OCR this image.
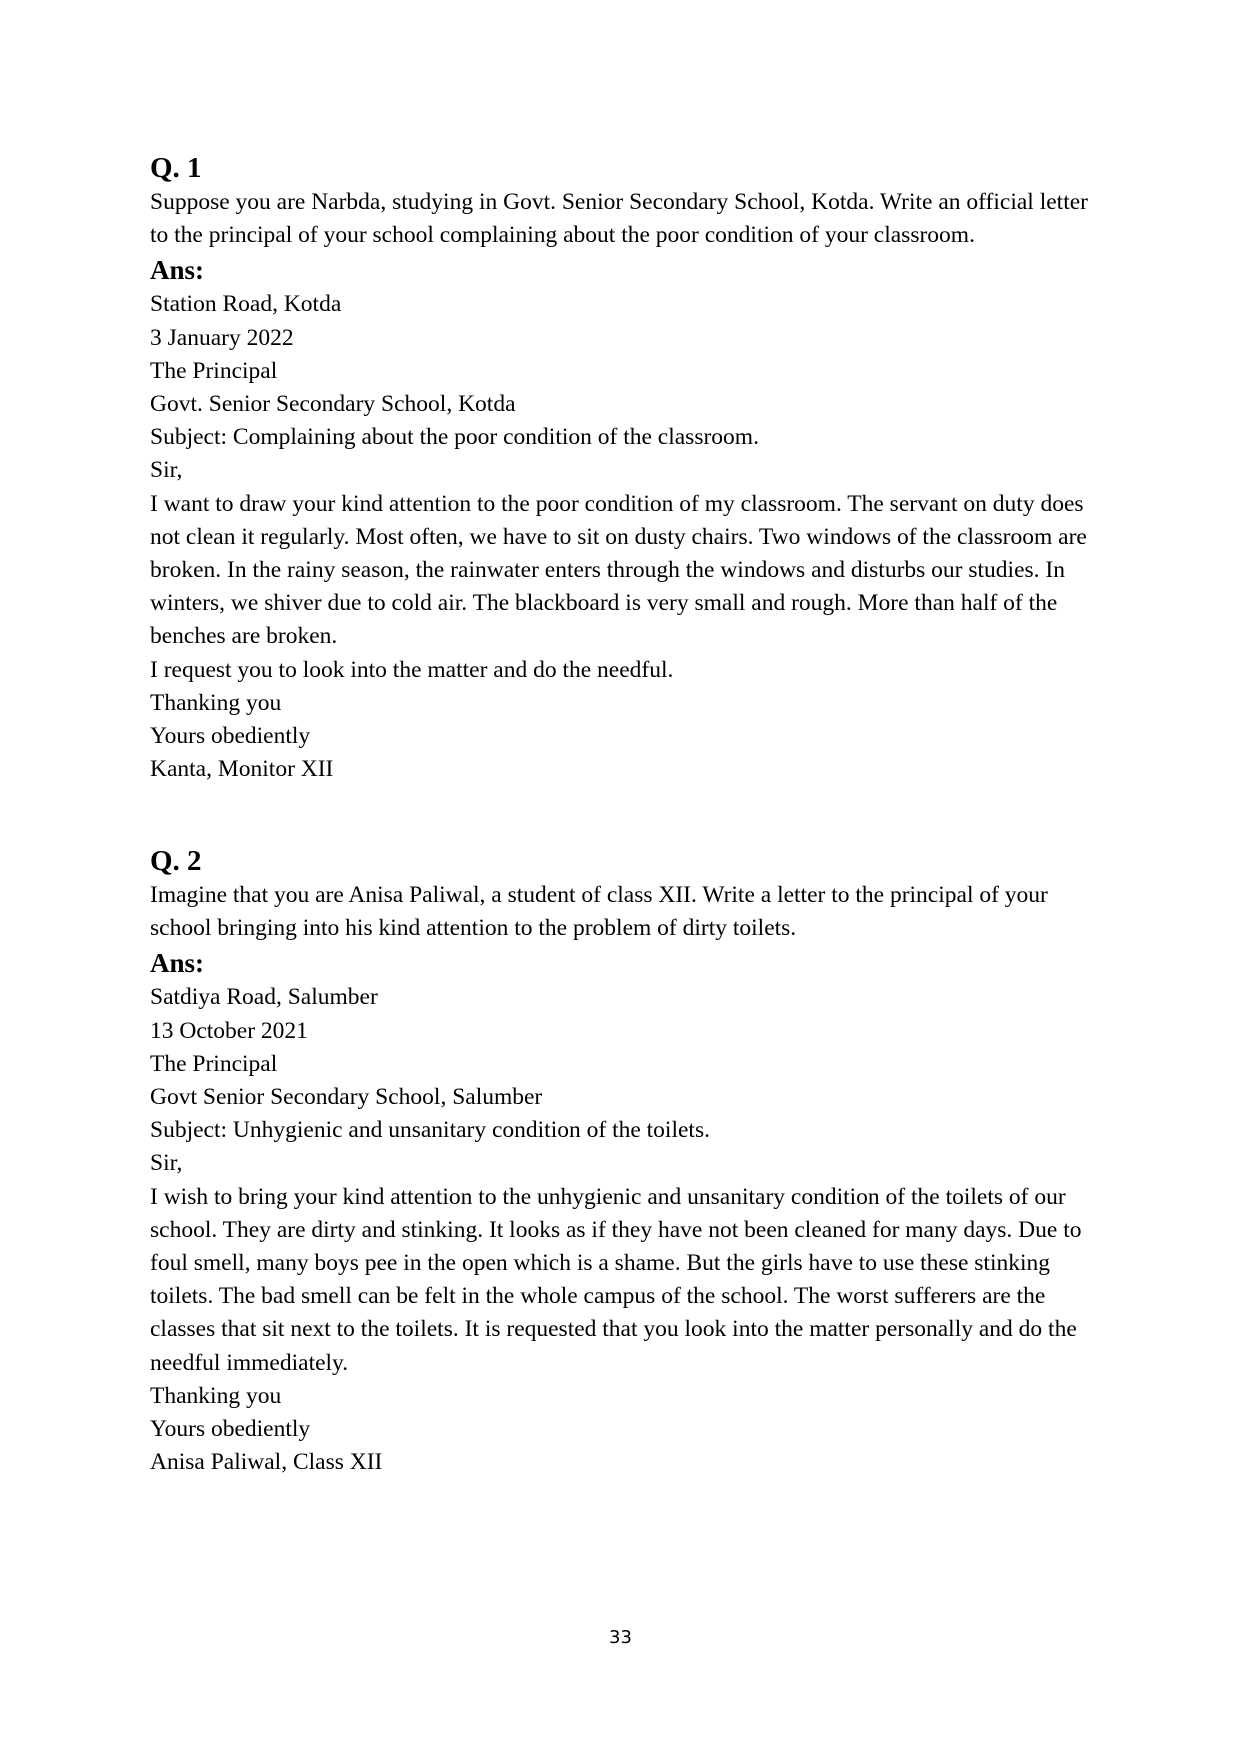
Q. 1

Suppose you are Narbda, studying in Govt. Senior Secondary School, Kotda. Write an official letter to the principal of your school complaining about the poor condition of your classroom.

Ans:

Station Road, Kotda

3 January 2022

The Principal

Govt. Senior Secondary School, Kotda

Subject: Complaining about the poor condition of the classroom.

Sir,

I want to draw your kind attention to the poor condition of my classroom. The servant on duty does not clean it regularly. Most often, we have to sit on dusty chairs. Two windows of the classroom are broken. In the rainy season, the rainwater enters through the windows and disturbs our studies. In winters, we shiver due to cold air. The blackboard is very small and rough. More than half of the benches are broken.

I request you to look into the matter and do the needful.

Thanking you

Yours obediently

Kanta, Monitor XII

Q. 2

Imagine that you are Anisa Paliwal, a student of class XII. Write a letter to the principal of your school bringing into his kind attention to the problem of dirty toilets.

Ans:

Satdiya Road, Salumber

13 October 2021

The Principal

Govt Senior Secondary School, Salumber

Subject: Unhygienic and unsanitary condition of the toilets.

Sir,

I wish to bring your kind attention to the unhygienic and unsanitary condition of the toilets of our school. They are dirty and stinking. It looks as if they have not been cleaned for many days. Due to foul smell, many boys pee in the open which is a shame. But the girls have to use these stinking toilets. The bad smell can be felt in the whole campus of the school. The worst sufferers are the classes that sit next to the toilets. It is requested that you look into the matter personally and do the needful immediately.

Thanking you

Yours obediently

Anisa Paliwal, Class XII

33
